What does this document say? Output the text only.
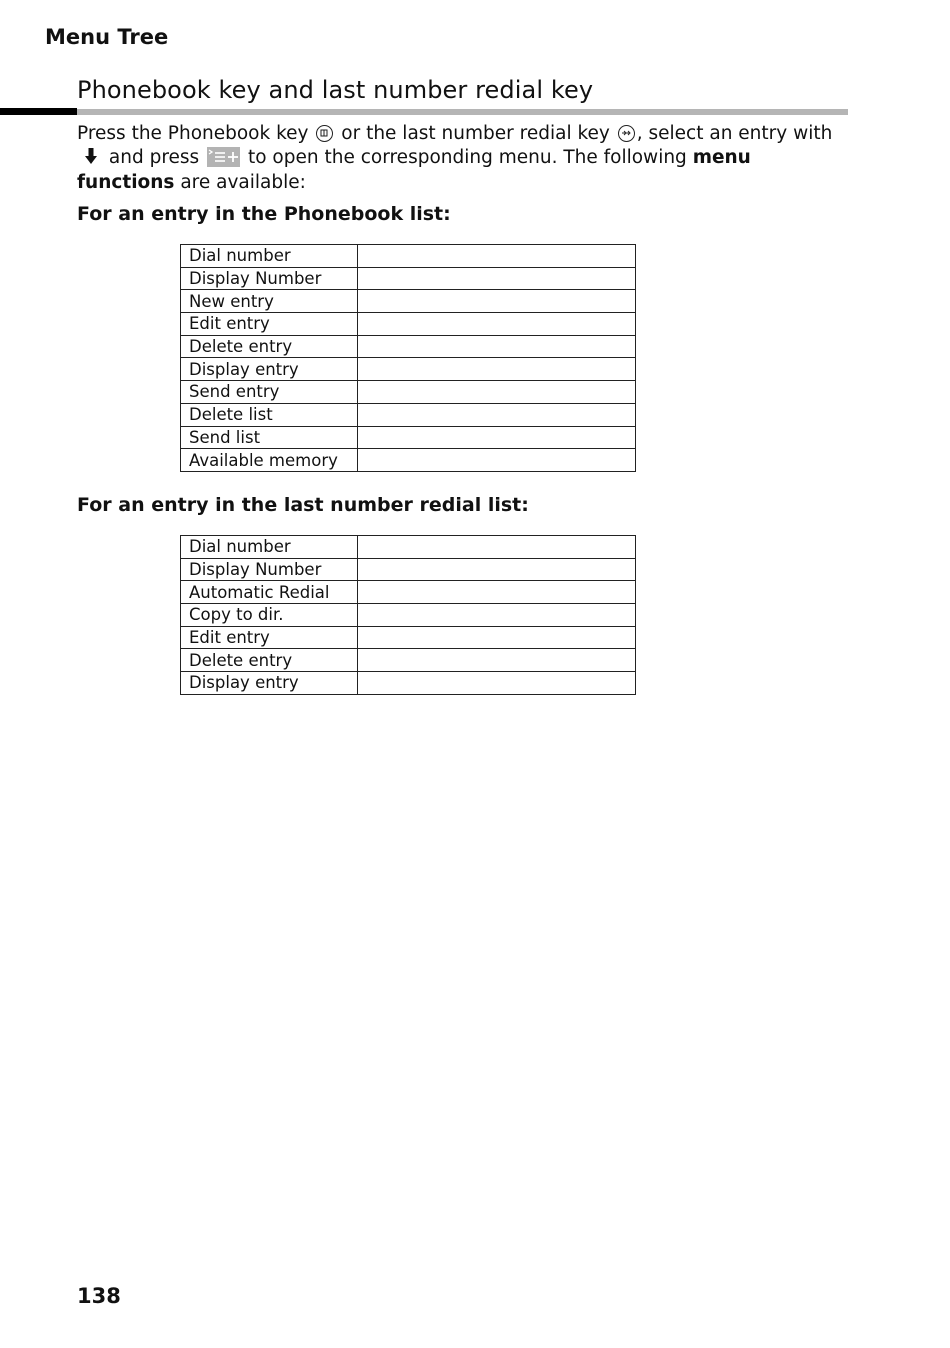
Menu Tree
Phonebook key and last number redial key
Press the Phonebook key or the last number redial key , select an entry with
and press	to open the corresponding menu. The following menu functions are available:
For an entry in the Phonebook list:
Dial number	
Display Number	
New entry	
Edit entry	
Delete entry	
Display entry	
Send entry	
Delete list	
Send list	
Available memory	
For an entry in the last number redial list:
Dial number	
Display Number	
Automatic Redial	
Copy to dir.	
Edit entry	
Delete entry	
Display entry	
138
